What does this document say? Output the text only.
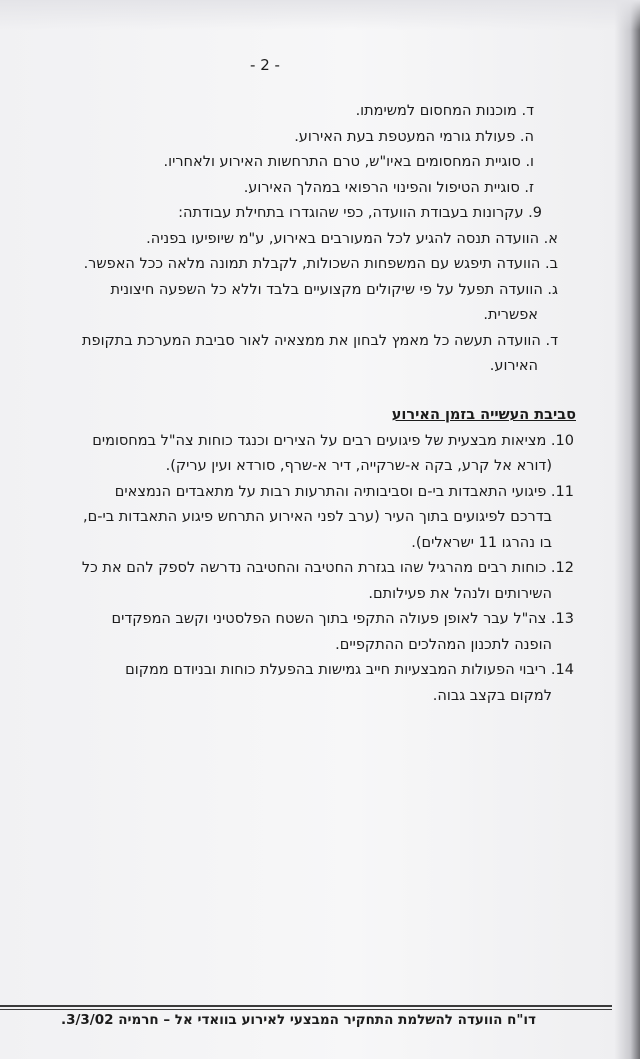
- 2 -
ד. מוכנות המחסום למשימתו.
ה. פעולת גורמי המעטפת בעת האירוע.
ו. סוגיית המחסומים באיו"ש, טרם התרחשות האירוע ולאחריו.
ז. סוגיית הטיפול והפינוי הרפואי במהלך האירוע.
9. עקרונות בעבודת הוועדה, כפי שהוגדרו בתחילת עבודתה:
א. הוועדה תנסה להגיע לכל המעורבים באירוע, ע"מ שיופיעו בפניה.
ב. הוועדה תיפגש עם המשפחות השכולות, לקבלת תמונה מלאה ככל האפשר.
ג. הוועדה תפעל על פי שיקולים מקצועיים בלבד וללא כל השפעה חיצונית
אפשרית.
ד. הוועדה תעשה כל מאמץ לבחון את ממצאיה לאור סביבת המערכת בתקופת
האירוע.
סביבת העשייה בזמן האירוע
10. מציאות מבצעית של פיגועים רבים על הצירים וכנגד כוחות צה"ל במחסומים
(דורא אל קרע, בקה א-שרקייה, דיר א-שרף, סורדא ועין עריק).
11. פיגועי התאבדות בי-ם וסביבותיה והתרעות רבות על מתאבדים הנמצאים
בדרכם לפיגועים בתוך העיר (ערב לפני האירוע התרחש פיגוע התאבדות בי-ם,
בו נהרגו 11 ישראלים).
12. כוחות רבים מהרגיל שהו בגזרת החטיבה והחטיבה נדרשה לספק להם את כל
השירותים ולנהל את פעילותם.
13. צה"ל עבר לאופן פעולה התקפי בתוך השטח הפלסטיני וקשב המפקדים
הופנה לתכנון המהלכים ההתקפיים.
14. ריבוי הפעולות המבצעיות חייב גמישות בהפעלת כוחות ובניודם ממקום
למקום בקצב גבוה.
דו"ח הוועדה להשלמת התחקיר המבצעי לאירוע בוואדי אל – חרמיה 3/3/02.
